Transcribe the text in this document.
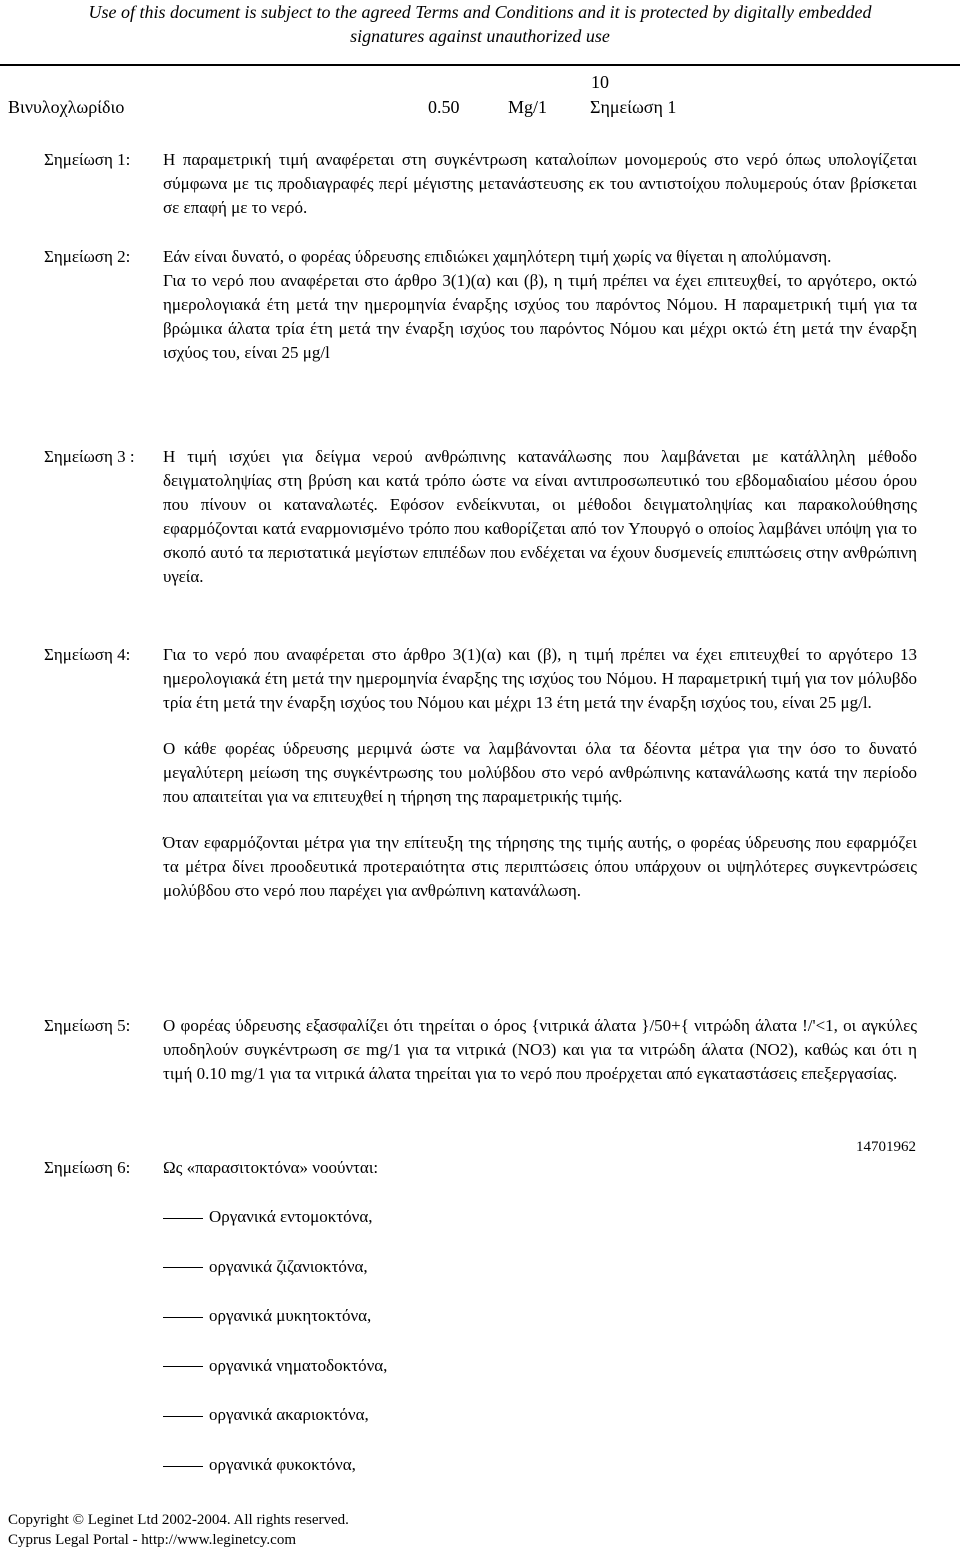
Use of this document is subject to the agreed Terms and Conditions and it is protected by digitally embedded
signatures against unauthorized use
10
Βινυλοχλωρίδιο	0.50	Mg/1 Σημείωση 1
Σημείωση 1: Η παραμετρική τιμή αναφέρεται στη συγκέντρωση καταλοίπων μονομερούς στο νερό όπως υπολογίζεται σύμφωνα με τις προδιαγραφές περί μέγιστης μετανάστευσης εκ του αντιστοίχου πολυμερούς όταν βρίσκεται σε επαφή με το νερό.

Σημείωση 2: Εάν είναι δυνατό, ο φορέας ύδρευσης επιδιώκει χαμηλότερη τιμή χωρίς να θίγεται η απολύμανση.

Για το νερό που αναφέρεται στο άρθρο 3(1)(α) και (β), η τιμή πρέπει να έχει επιτευχθεί, το αργότερο, οκτώ ημερολογιακά έτη μετά την ημερομηνία έναρξης ισχύος του παρόντος Νόμου. Η παραμετρική τιμή για τα βρώμικα άλατα τρία έτη μετά την έναρξη ισχύος του παρόντος Νόμου και μέχρι οκτώ έτη μετά την έναρξη ισχύος του, είναι 25 μg/l

Σημείωση 3 : Η τιμή ισχύει για δείγμα νερού ανθρώπινης κατανάλωσης που λαμβάνεται με κατάλληλη μέθοδο δειγματοληψίας στη βρύση και κατά τρόπο ώστε να είναι αντιπροσωπευτικό του εβδομαδιαίου μέσου όρου που πίνουν οι καταναλωτές. Εφόσον ενδείκνυται, οι μέθοδοι δειγματοληψίας και παρακολούθησης εφαρμόζονται κατά εναρμονισμένο τρόπο που καθορίζεται από τον Υπουργό ο οποίος λαμβάνει υπόψη για το σκοπό αυτό τα περιστατικά μεγίστων επιπέδων που ενδέχεται να έχουν δυσμενείς επιπτώσεις στην ανθρώπινη υγεία.

Σημείωση 4: Για το νερό που αναφέρεται στο άρθρο 3(1)(α) και (β), η τιμή πρέπει να έχει επιτευχθεί το αργότερο 13 ημερολογιακά έτη μετά την ημερομηνία έναρξης της ισχύος του Νόμου. Η παραμετρική τιμή για τον μόλυβδο τρία έτη μετά την έναρξη ισχύος του Νόμου και μέχρι 13 έτη μετά την έναρξη ισχύος του, είναι 25 μg/l.

Ο κάθε φορέας ύδρευσης μεριμνά ώστε να λαμβάνονται όλα τα δέοντα μέτρα για την όσο το δυνατό μεγαλύτερη μείωση της συγκέντρωσης του μολύβδου στο νερό ανθρώπινης κατανάλωσης κατά την περίοδο που απαιτείται για να επιτευχθεί η τήρηση της παραμετρικής τιμής.

Όταν εφαρμόζονται μέτρα για την επίτευξη της τήρησης της τιμής αυτής, ο φορέας ύδρευσης που εφαρμόζει τα μέτρα δίνει προοδευτικά προτεραιότητα στις περιπτώσεις όπου υπάρχουν οι υψηλότερες συγκεντρώσεις μολύβδου στο νερό που παρέχει για ανθρώπινη κατανάλωση.

Σημείωση 5: Ο φορέας ύδρευσης εξασφαλίζει ότι τηρείται ο όρος {νιτρικά άλατα }/50+{ νιτρώδη άλατα !/'<1, οι αγκύλες υποδηλούν συγκέντρωση σε mg/1 για τα νιτρικά (ΝΟ3) και για τα νιτρώδη άλατα (ΝΟ2), καθώς και ότι η τιμή 0.10 mg/1 για τα νιτρικά άλατα τηρείται για το νερό που προέρχεται από εγκαταστάσεις επεξεργασίας.

14701962
Σημείωση 6: Ως «παρασιτοκτόνα» νοούνται:

Οργανικά εντομοκτόνα,
οργανικά ζιζανιοκτόνα,
οργανικά μυκητοκτόνα,
οργανικά νηματοδοκτόνα,
οργανικά ακαριοκτόνα,
οργανικά φυκοκτόνα,
Copyright © Leginet Ltd 2002-2004. All rights reserved.
Cyprus Legal Portal - http://www.leginetcy.com
